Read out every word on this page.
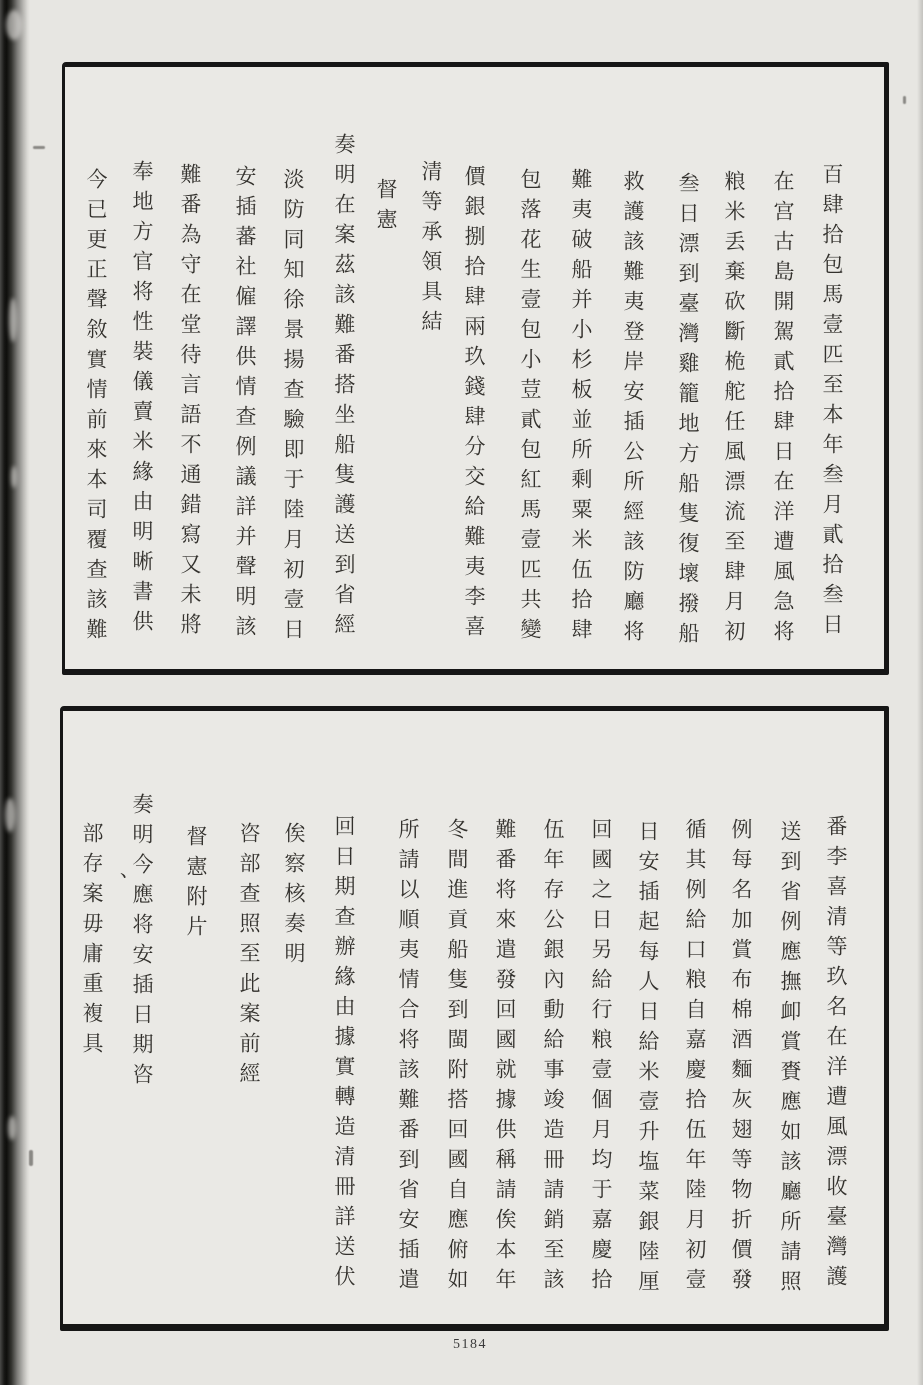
百肆拾包馬壹匹至本年叁月貳拾叁日
在宫古島開駕貳拾肆日在洋遭風急将
粮米丢棄砍斷桅舵任風漂流至肆月初
叁日漂到臺灣雞籠地方船隻復壞撥船
救護該難夷登岸安插公所經該防廳将
難夷破船并小杉板並所剩粟米伍拾肆
包落花生壹包小荳貳包紅馬壹匹共變
價銀捌拾肆兩玖錢肆分交給難夷李喜
清等承領具結
督憲
奏明在案茲該難番搭坐船隻護送到省經
淡防同知徐景揚查驗即于陸月初壹日
安插蕃社僱譯供情查例議詳并聲明該
難番為守在堂待言語不通錯寫又未將
奉地方官将性裝儀賣米緣由明晰書供
今已更正聲敘實情前來本司覆查該難
番李喜清等玖名在洋遭風漂收臺灣護
送到省例應撫卹賞賚應如該廳所請照
例每名加賞布棉酒麵灰翅等物折價發
循其例給口粮自嘉慶拾伍年陸月初壹
日安插起每人日給米壹升塩菜銀陸厘
回國之日另給行粮壹個月均于嘉慶拾
伍年存公銀內動給事竣造冊請銷至該
難番将來遣發回國就據供稱請俟本年
冬間進貢船隻到閩附搭回國自應俯如
所請以順夷情合将該難番到省安插遣
回日期查辦緣由據實轉造清冊詳送伏
俟察核奏明
咨部查照至此案前經
督憲附片
奏明今應将安插日期咨
部存案毋庸重複具 、
5184
